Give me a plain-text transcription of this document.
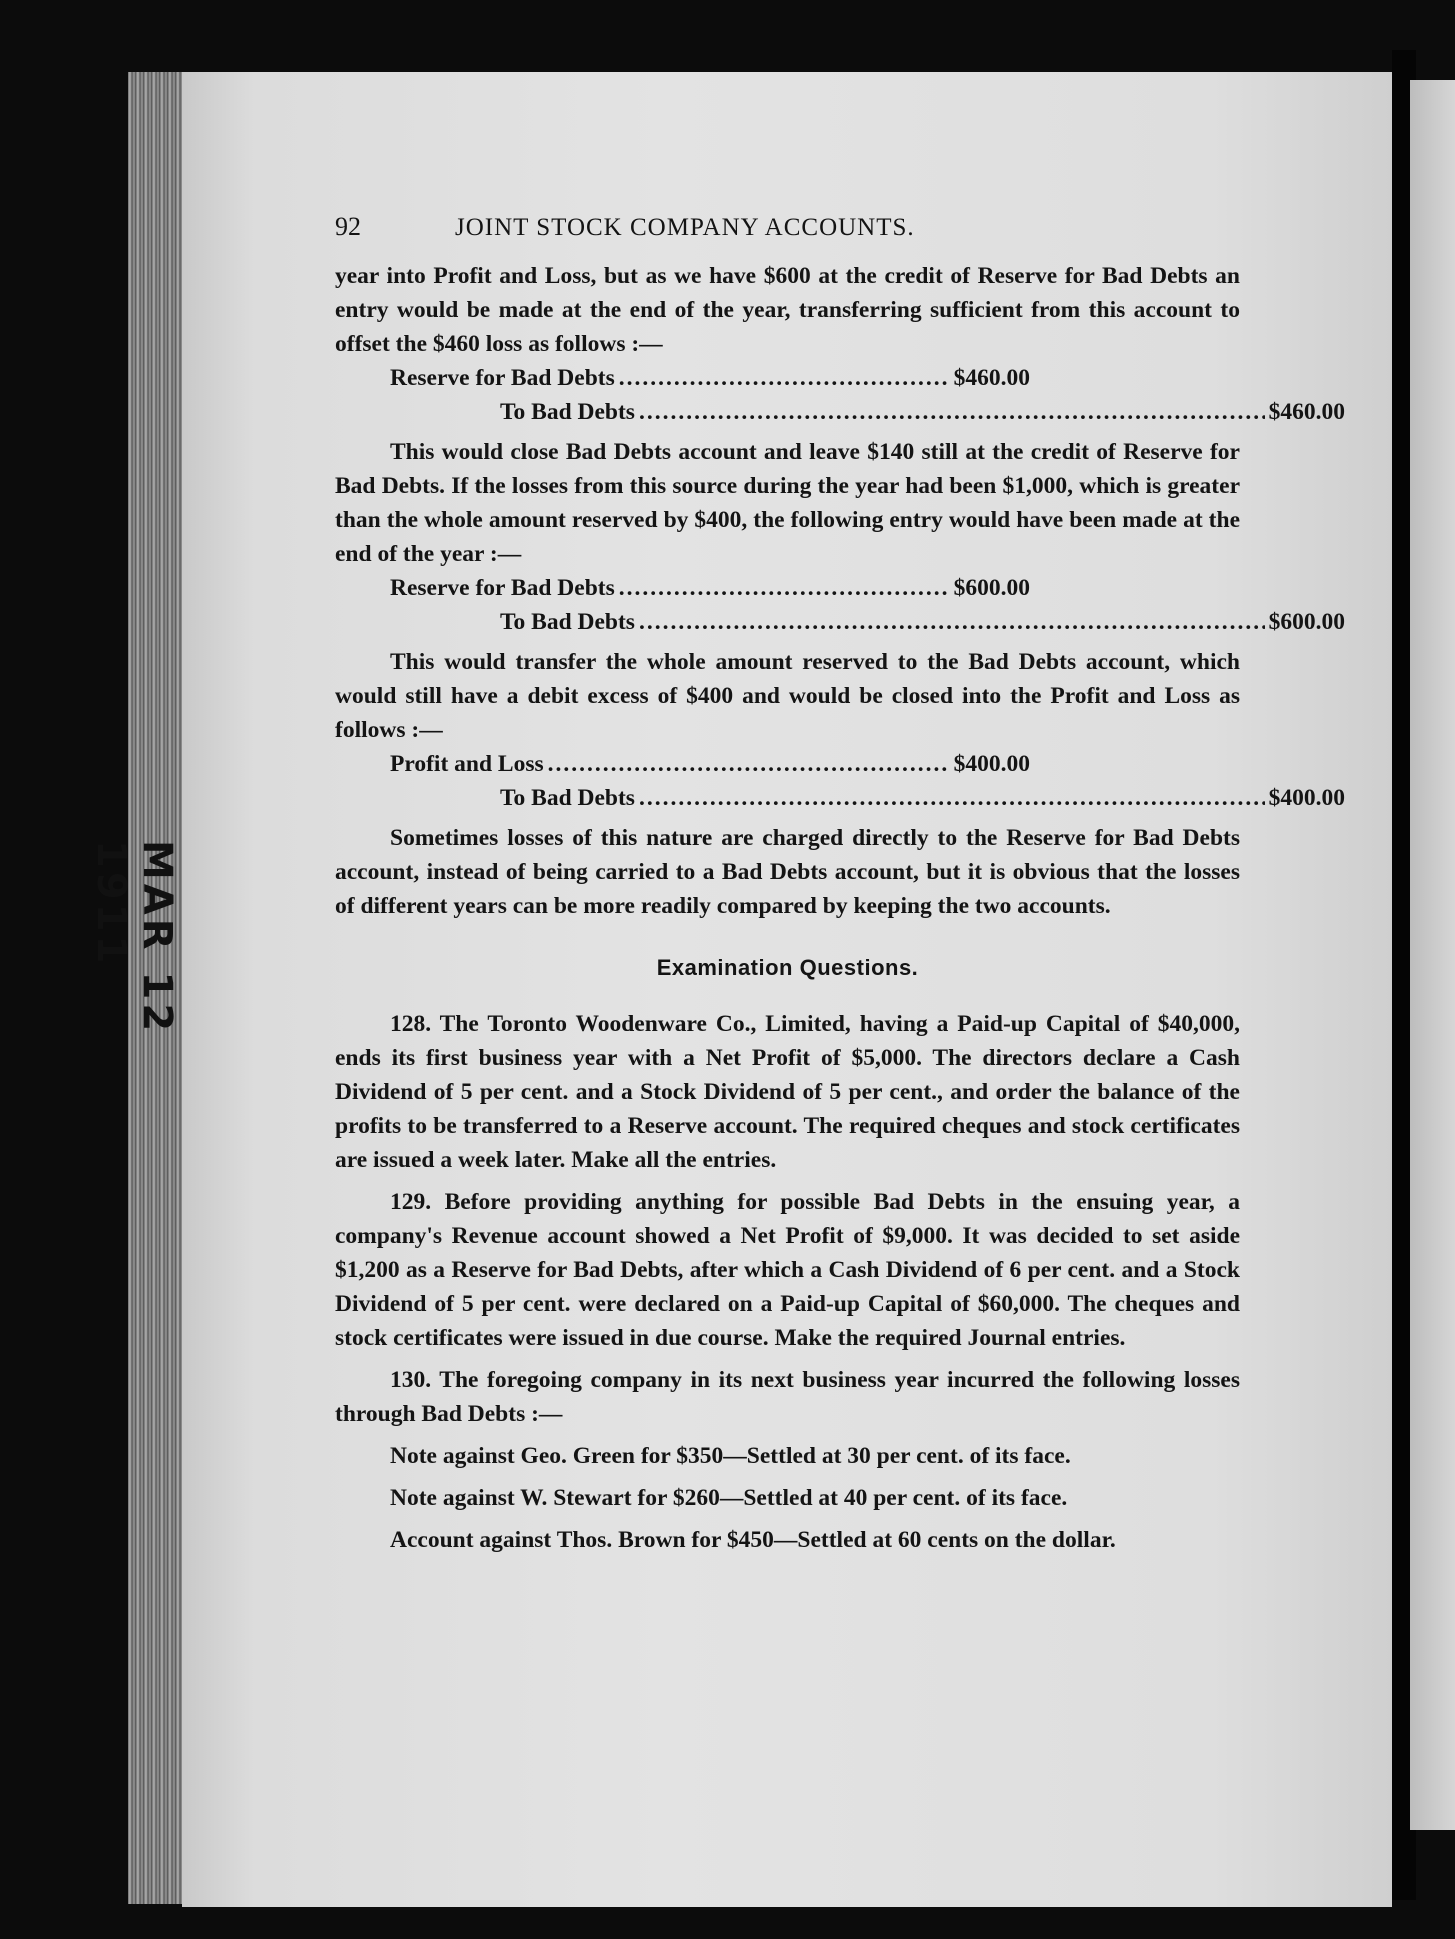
MAR 12 1911
92	JOINT STOCK COMPANY ACCOUNTS.

year into Profit and Loss, but as we have $600 at the credit of Reserve for Bad Debts an entry would be made at the end of the year, transferring sufficient from this account to offset the $460 loss as follows :—

Reserve for Bad Debts .....	$460.00
To Bad Debts .....	$460.00

This would close Bad Debts account and leave $140 still at the credit of Reserve for Bad Debts. If the losses from this source during the year had been $1,000, which is greater than the whole amount reserved by $400, the following entry would have been made at the end of the year :—

Reserve for Bad Debts .....	$600.00
To Bad Debts .....	$600.00

This would transfer the whole amount reserved to the Bad Debts account, which would still have a debit excess of $400 and would be closed into the Profit and Loss as follows :—

Profit and Loss .....	$400.00
To Bad Debts .....	$400.00

Sometimes losses of this nature are charged directly to the Reserve for Bad Debts account, instead of being carried to a Bad Debts account, but it is obvious that the losses of different years can be more readily compared by keeping the two accounts.

Examination Questions.

128. The Toronto Woodenware Co., Limited, having a Paid-up Capital of $40,000, ends its first business year with a Net Profit of $5,000. The directors declare a Cash Dividend of 5 per cent. and a Stock Dividend of 5 per cent., and order the balance of the profits to be transferred to a Reserve account. The required cheques and stock certificates are issued a week later. Make all the entries.

129. Before providing anything for possible Bad Debts in the ensuing year, a company's Revenue account showed a Net Profit of $9,000. It was decided to set aside $1,200 as a Reserve for Bad Debts, after which a Cash Dividend of 6 per cent. and a Stock Dividend of 5 per cent. were declared on a Paid-up Capital of $60,000. The cheques and stock certificates were issued in due course. Make the required Journal entries.

130. The foregoing company in its next business year incurred the following losses through Bad Debts :—

Note against Geo. Green for $350—Settled at 30 per cent. of its face.

Note against W. Stewart for $260—Settled at 40 per cent. of its face.

Account against Thos. Brown for $450—Settled at 60 cents on the dollar.
